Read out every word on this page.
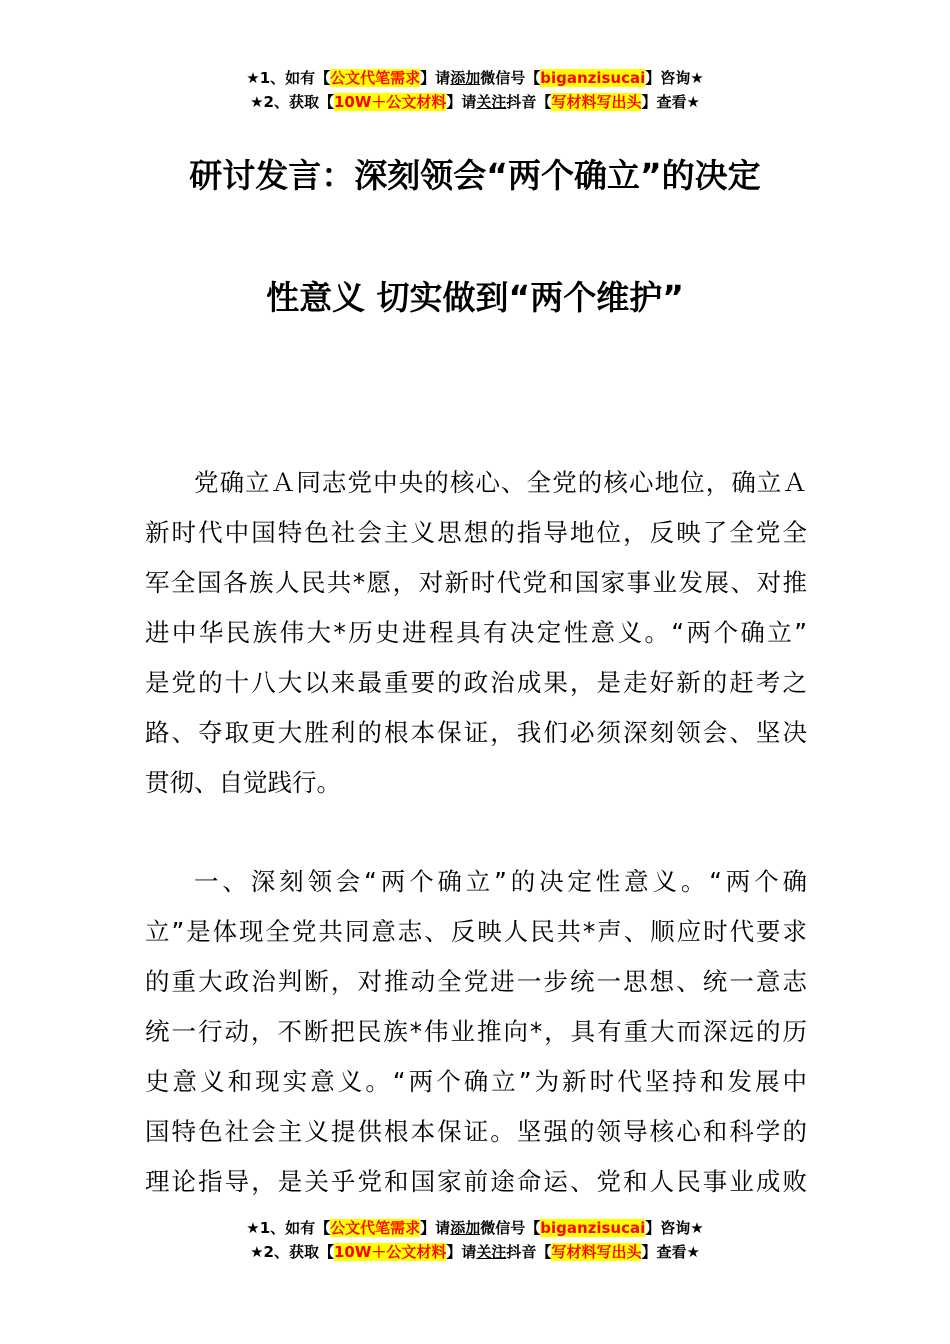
★1、如有【公文代笔需求】请添加微信号【biganzisucai】咨询★
★2、获取【10W＋公文材料】请关注抖音【写材料写出头】查看★
研讨发言：深刻领会“两个确立”的决定
性意义 切实做到“两个维护”
党确立Ａ同志党中央的核心、全党的核心地位，确立Ａ
新时代中国特色社会主义思想的指导地位，反映了全党全
军全国各族人民共*愿，对新时代党和国家事业发展、对推
进中华民族伟大*历史进程具有决定性意义。“两个确立”
是党的十八大以来最重要的政治成果，是走好新的赶考之
路、夺取更大胜利的根本保证，我们必须深刻领会、坚决
贯彻、自觉践行。
一、深刻领会“两个确立”的决定性意义。“两个确
立”是体现全党共同意志、反映人民共*声、顺应时代要求
的重大政治判断，对推动全党进一步统一思想、统一意志
统一行动，不断把民族*伟业推向*，具有重大而深远的历
史意义和现实意义。“两个确立”为新时代坚持和发展中
国特色社会主义提供根本保证。坚强的领导核心和科学的
理论指导，是关乎党和国家前途命运、党和人民事业成败
★1、如有【公文代笔需求】请添加微信号【biganzisucai】咨询★
★2、获取【10W＋公文材料】请关注抖音【写材料写出头】查看★
